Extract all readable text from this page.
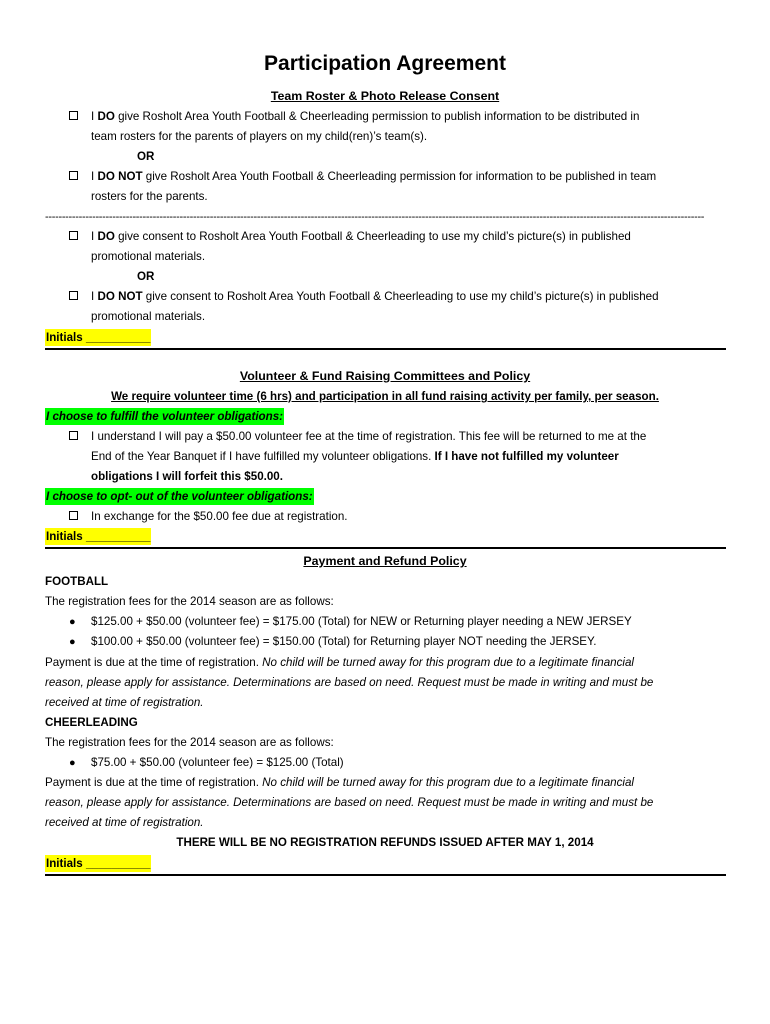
Participation Agreement
Team Roster & Photo Release Consent
I DO give Rosholt Area Youth Football & Cheerleading permission to publish information to be distributed in
team rosters for the parents of players on my child(ren)’s team(s).
OR
I DO NOT give Rosholt Area Youth Football & Cheerleading permission for information to be published in team
rosters for the parents.
----------------------------------------------------------------------------------------------------------------------------------------------------------------------------------------------------
I DO give consent to Rosholt Area Youth Football & Cheerleading to use my child’s picture(s) in published
promotional materials.
OR
I DO NOT give consent to Rosholt Area Youth Football & Cheerleading to use my child’s picture(s) in published
promotional materials.
Initials __________
Volunteer & Fund Raising Committees and Policy
We require volunteer time (6 hrs) and participation in all fund raising activity per family, per season.
I choose to fulfill the volunteer obligations:
I understand I will pay a $50.00 volunteer fee at the time of registration. This fee will be returned to me at the
End of the Year Banquet if I have fulfilled my volunteer obligations. If I have not fulfilled my volunteer
obligations I will forfeit this $50.00.
I choose to opt- out of the volunteer obligations:
In exchange for the $50.00 fee due at registration.
Initials __________
Payment and Refund Policy
FOOTBALL
The registration fees for the 2014 season are as follows:
● $125.00 + $50.00 (volunteer fee) = $175.00 (Total) for NEW or Returning player needing a NEW JERSEY
● $100.00 + $50.00 (volunteer fee) = $150.00 (Total) for Returning player NOT needing the JERSEY.
Payment is due at the time of registration. No child will be turned away for this program due to a legitimate financial
reason, please apply for assistance. Determinations are based on need. Request must be made in writing and must be
received at time of registration.
CHEERLEADING
The registration fees for the 2014 season are as follows:
● $75.00 + $50.00 (volunteer fee) = $125.00 (Total)
Payment is due at the time of registration. No child will be turned away for this program due to a legitimate financial
reason, please apply for assistance. Determinations are based on need. Request must be made in writing and must be
received at time of registration.
THERE WILL BE NO REGISTRATION REFUNDS ISSUED AFTER MAY 1, 2014
Initials __________
